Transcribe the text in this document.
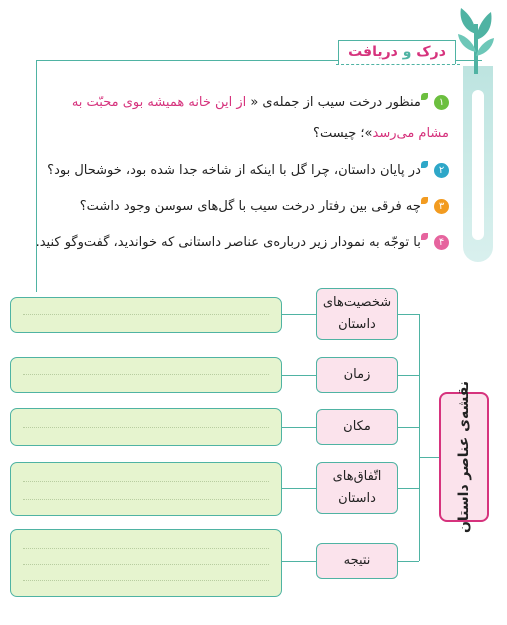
درک و دریافت
۱ منظور درخت سیب از جمله‌ی « از این خانه همیشه بوی محبّت به
مشام می‌رسد»؛ چیست؟
۲ در پایان داستان، چرا گل با اینکه از شاخه جدا شده بود، خوشحال بود؟
۳ چه فرقی بین رفتار درخت سیب با گل‌های سوسن وجود داشت؟
۴ با توجّه به نمودار زیر درباره‌ی عناصر داستانی که خواندید، گفت‌وگو کنید.
نقشه‌ی عناصر داستان
شخصیت‌های
داستان
زمان
مکان
اتّفاق‌های
داستان
نتیجه
